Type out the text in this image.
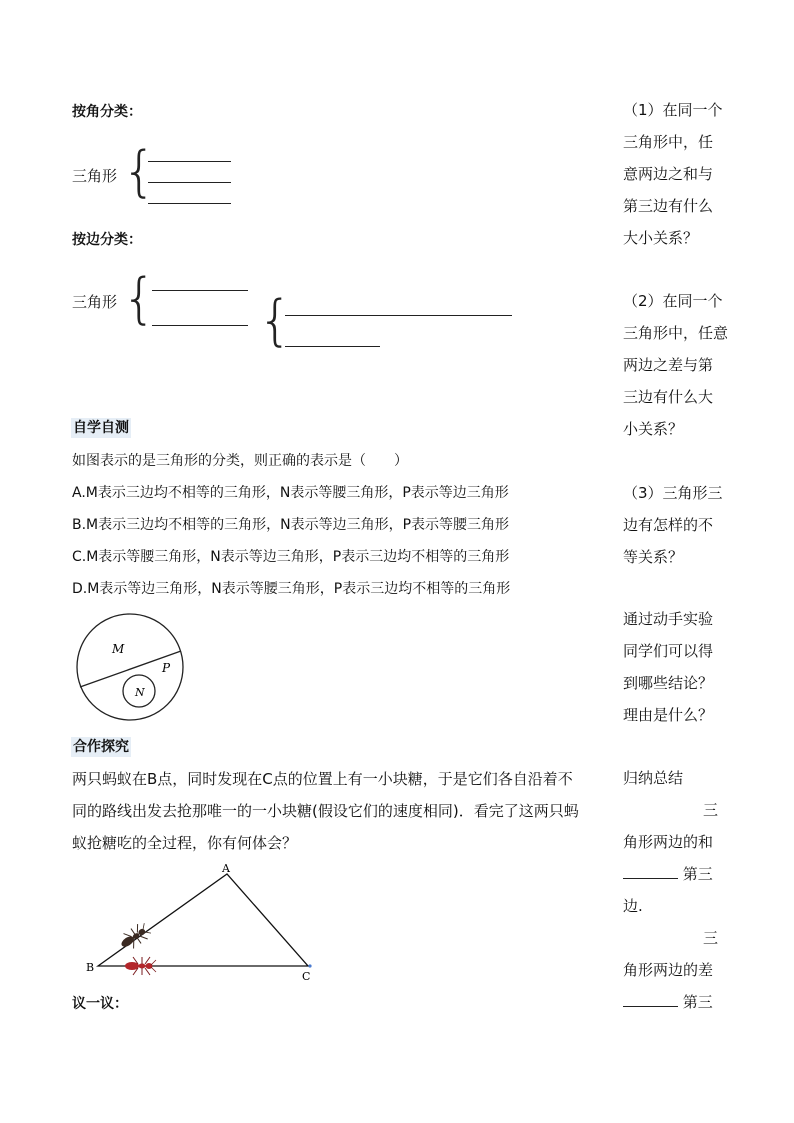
按角分类：
三角形 {
按边分类：
三角形 { {

（1）在同一个

三角形中，任

意两边之和与

第三边有什么

大小关系？

（2）在同一个

三角形中，任意

两边之差与第

三边有什么大

小关系？

（3）三角形三

边有怎样的不

等关系？

通过动手实验

同学们可以得

到哪些结论？

理由是什么？

归纳总结

三

角形两边的和

第三

边.

三

角形两边的差

第三

自学自测
如图表示的是三角形的分类，则正确的表示是（　　）
A.M表示三边均不相等的三角形，N表示等腰三角形，P表示等边三角形
B.M表示三边均不相等的三角形，N表示等边三角形，P表示等腰三角形
C.M表示等腰三角形，N表示等边三角形，P表示三边均不相等的三角形
D.M表示等边三角形，N表示等腰三角形，P表示三边均不相等的三角形
M
P
N
合作探究
两只蚂蚁在B点，同时发现在C点的位置上有一小块糖，于是它们各自沿着不
同的路线出发去抢那唯一的一小块糖(假设它们的速度相同)．看完了这两只蚂
蚁抢糖吃的全过程，你有何体会？
A
B
C
议一议：
